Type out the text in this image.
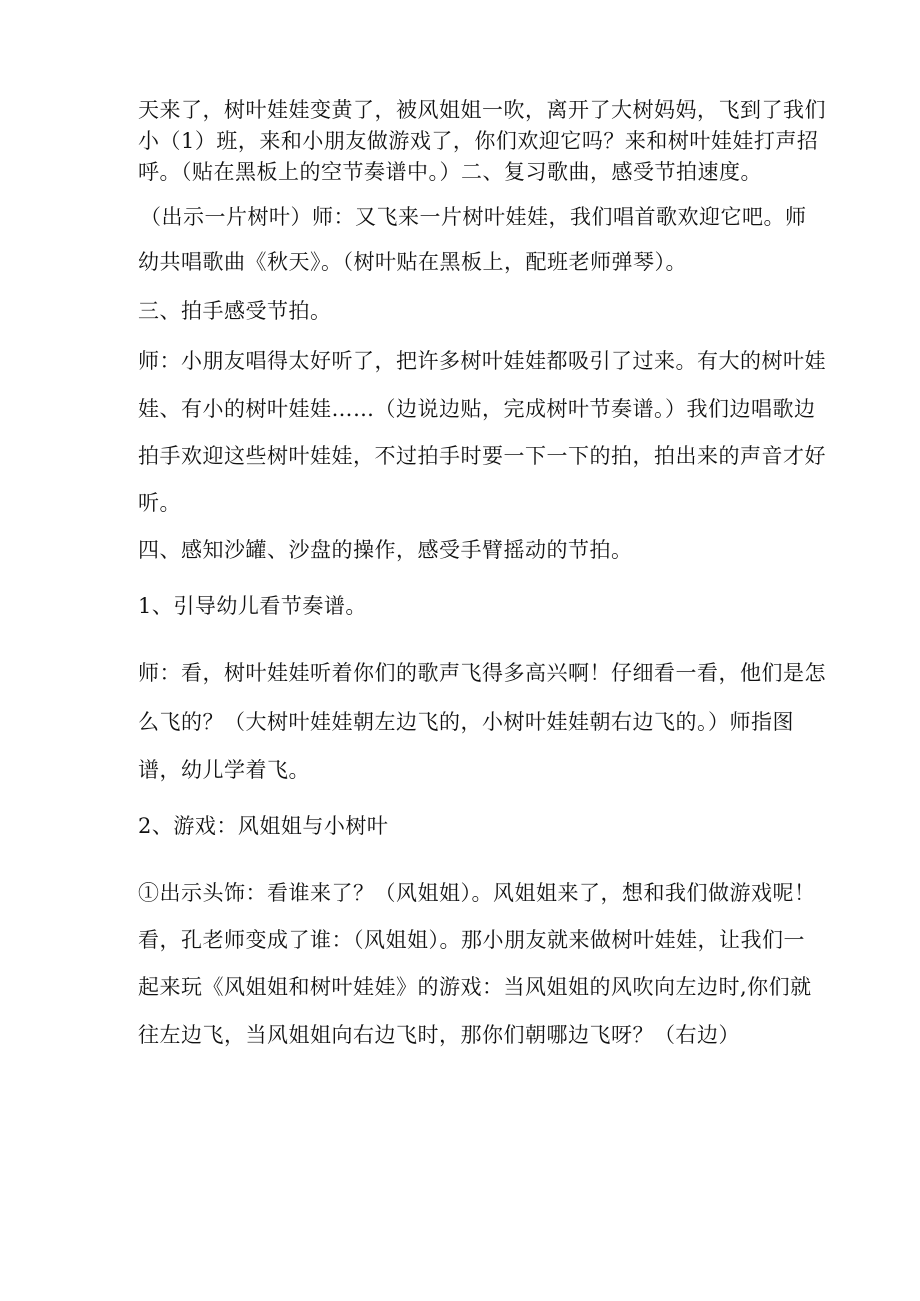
天来了，树叶娃娃变黄了，被风姐姐一吹，离开了大树妈妈，飞到了我们
小（1）班，来和小朋友做游戏了，你们欢迎它吗？来和树叶娃娃打声招
呼。（贴在黑板上的空节奏谱中。）二、复习歌曲，感受节拍速度。
（出示一片树叶）师：又飞来一片树叶娃娃，我们唱首歌欢迎它吧。师
幼共唱歌曲《秋天》。（树叶贴在黑板上，配班老师弹琴）。
三、拍手感受节拍。
师：小朋友唱得太好听了，把许多树叶娃娃都吸引了过来。有大的树叶娃
娃、有小的树叶娃娃……（边说边贴，完成树叶节奏谱。）我们边唱歌边
拍手欢迎这些树叶娃娃，不过拍手时要一下一下的拍，拍出来的声音才好
听。
四、感知沙罐、沙盘的操作，感受手臂摇动的节拍。
1、引导幼儿看节奏谱。
师：看，树叶娃娃听着你们的歌声飞得多高兴啊！仔细看一看，他们是怎
么飞的？（大树叶娃娃朝左边飞的，小树叶娃娃朝右边飞的。）师指图
谱，幼儿学着飞。
2、游戏：风姐姐与小树叶
①出示头饰：看谁来了？（风姐姐）。风姐姐来了，想和我们做游戏呢！
看，孔老师变成了谁：（风姐姐）。那小朋友就来做树叶娃娃，让我们一
起来玩《风姐姐和树叶娃娃》的游戏：当风姐姐的风吹向左边时,你们就
往左边飞，当风姐姐向右边飞时，那你们朝哪边飞呀？（右边）
